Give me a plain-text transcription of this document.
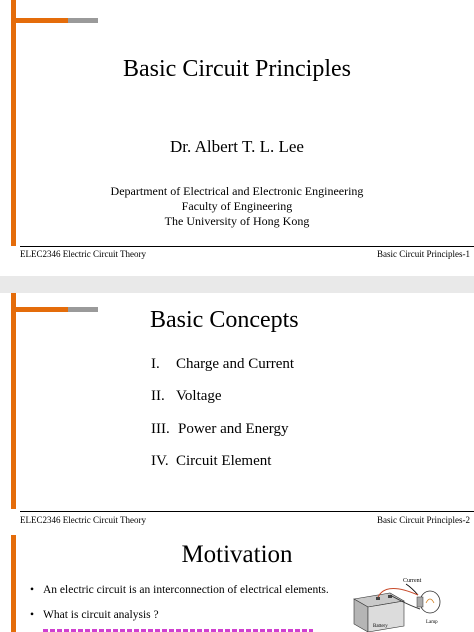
Basic Circuit Principles
Dr. Albert T. L. Lee
Department of Electrical and Electronic Engineering
Faculty of Engineering
The University of Hong Kong
ELEC2346 Electric Circuit Theory	Basic Circuit Principles-1
Basic Concepts
I. Charge and Current
II. Voltage
III. Power and Energy
IV. Circuit Element
ELEC2346 Electric Circuit Theory	Basic Circuit Principles-2
Motivation
• An electric circuit is an interconnection of electrical elements.
• What is circuit analysis ?
Current
Battery
Lamp
